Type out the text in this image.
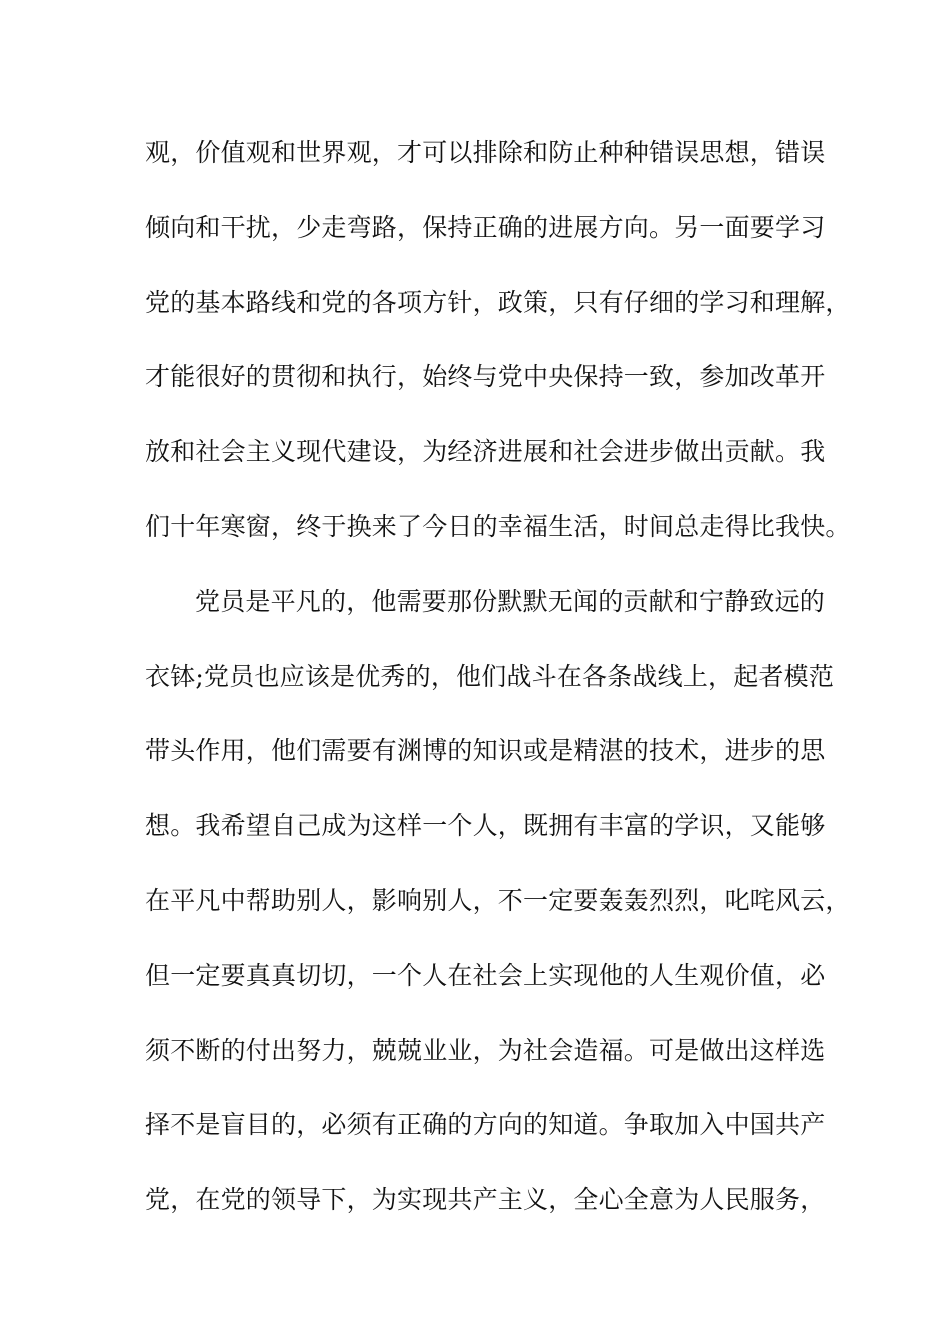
观，价值观和世界观，才可以排除和防止种种错误思想，错误
倾向和干扰，少走弯路，保持正确的进展方向。另一面要学习
党的基本路线和党的各项方针，政策，只有仔细的学习和理解，
才能很好的贯彻和执行，始终与党中央保持一致，参加改革开
放和社会主义现代建设，为经济进展和社会进步做出贡献。我
们十年寒窗，终于换来了今日的幸福生活，时间总走得比我快。
党员是平凡的，他需要那份默默无闻的贡献和宁静致远的
衣钵;党员也应该是优秀的，他们战斗在各条战线上，起者模范
带头作用，他们需要有渊博的知识或是精湛的技术，进步的思
想。我希望自己成为这样一个人，既拥有丰富的学识，又能够
在平凡中帮助别人，影响别人，不一定要轰轰烈烈，叱咤风云，
但一定要真真切切，一个人在社会上实现他的人生观价值，必
须不断的付出努力，兢兢业业，为社会造福。可是做出这样选
择不是盲目的，必须有正确的方向的知道。争取加入中国共产
党，在党的领导下，为实现共产主义，全心全意为人民服务，
